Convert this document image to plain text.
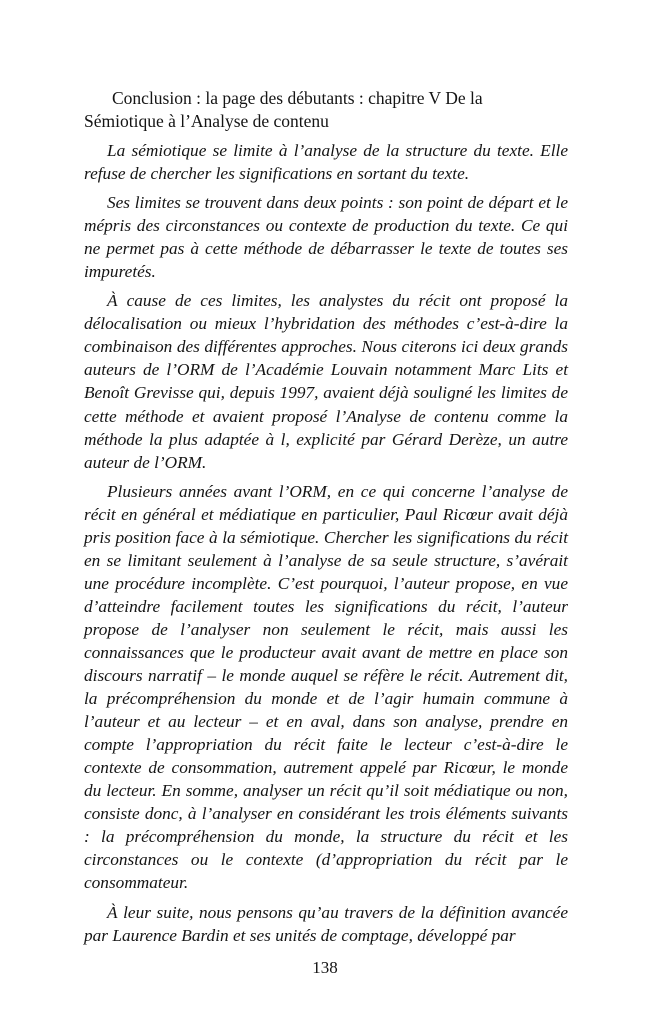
Conclusion : la page des débutants : chapitre V De la
Sémiotique à l’Analyse de contenu

La sémiotique se limite à l’analyse de la structure du texte. Elle refuse de chercher les significations en sortant du texte.

Ses limites se trouvent dans deux points : son point de départ et le mépris des circonstances ou contexte de production du texte. Ce qui ne permet pas à cette méthode de débarrasser le texte de toutes ses impuretés.

À cause de ces limites, les analystes du récit ont proposé la délocalisation ou mieux l’hybridation des méthodes c’est-à-dire la combinaison des différentes approches. Nous citerons ici deux grands auteurs de l’ORM de l’Académie Louvain notamment Marc Lits et Benoît Grevisse qui, depuis 1997, avaient déjà souligné les limites de cette méthode et avaient proposé l’Analyse de contenu comme la méthode la plus adaptée à l, explicité par Gérard Derèze, un autre auteur de l’ORM.

Plusieurs années avant l’ORM, en ce qui concerne l’analyse de récit en général et médiatique en particulier, Paul Ricœur avait déjà pris position face à la sémiotique. Chercher les significations du récit en se limitant seulement à l’analyse de sa seule structure, s’avérait une procédure incomplète. C’est pourquoi, l’auteur propose, en vue d’atteindre facilement toutes les significations du récit, l’auteur propose de l’analyser non seulement le récit, mais aussi les connaissances que le producteur avait avant de mettre en place son discours narratif – le monde auquel se réfère le récit. Autrement dit, la précompréhension du monde et de l’agir humain commune à l’auteur et au lecteur – et en aval, dans son analyse, prendre en compte l’appropriation du récit faite le lecteur c’est-à-dire le contexte de consommation, autrement appelé par Ricœur, le monde du lecteur. En somme, analyser un récit qu’il soit médiatique ou non, consiste donc, à l’analyser en considérant les trois éléments suivants : la précompréhension du monde, la structure du récit et les circonstances ou le contexte (d’appropriation du récit par le consommateur.

À leur suite, nous pensons qu’au travers de la définition avancée par Laurence Bardin et ses unités de comptage, développé par

138
